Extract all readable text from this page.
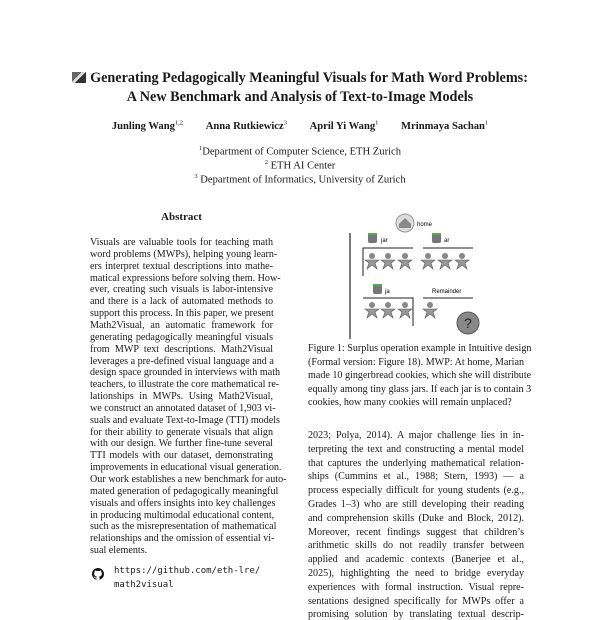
Generating Pedagogically Meaningful Visuals for Math Word Problems:
A New Benchmark and Analysis of Text-to-Image Models
Junling Wang$^{1,2}$ Anna Rutkiewicz$^3$ April Yi Wang$^1$ Mrinmaya Sachan$^1$
$^1$Department of Computer Science, ETH Zurich
$^2$ ETH AI Center
$^3$ Department of Informatics, University of Zurich
Abstract
Visuals are valuable tools for teaching math
word problems (MWPs), helping young learn-
ers interpret textual descriptions into mathe-
matical expressions before solving them. How-
ever, creating such visuals is labor-intensive
and there is a lack of automated methods to
support this process. In this paper, we present
Math2Visual, an automatic framework for
generating pedagogically meaningful visuals
from MWP text descriptions. Math2Visual
leverages a pre-defined visual language and a
design space grounded in interviews with math
teachers, to illustrate the core mathematical re-
lationships in MWPs. Using Math2Visual,
we construct an annotated dataset of 1,903 vi-
suals and evaluate Text-to-Image (TTI) models
for their ability to generate visuals that align
with our design. We further fine-tune several
TTI models with our dataset, demonstrating
improvements in educational visual generation.
Our work establishes a new benchmark for auto-
mated generation of pedagogically meaningful
visuals and offers insights into key challenges
in producing multimodal educational content,
such as the misrepresentation of mathematical
relationships and the omission of essential vi-
sual elements.
https://github.com/eth-lre/
math2visual
home
jar	ar
ja	Remainder
?
Figure 1: Surplus operation example in Intuitive design
(Formal version: Figure 18). MWP: At home, Marian
made 10 gingerbread cookies, which she will distribute
equally among tiny glass jars. If each jar is to contain 3
cookies, how many cookies will remain unplaced?
2023; Polya, 2014). A major challenge lies in in-
terpreting the text and constructing a mental model
that captures the underlying mathematical relation-
ships (Cummins et al., 1988; Stern, 1993) — a
process especially difficult for young students (e.g.,
Grades 1–3) who are still developing their reading
and comprehension skills (Duke and Block, 2012).
Moreover, recent findings suggest that children’s
arithmetic skills do not readily transfer between
applied and academic contexts (Banerjee et al.,
2025), highlighting the need to bridge everyday
experiences with formal instruction. Visual repre-
sentations designed specifically for MWPs offer a
promising solution by translating textual descrip-
